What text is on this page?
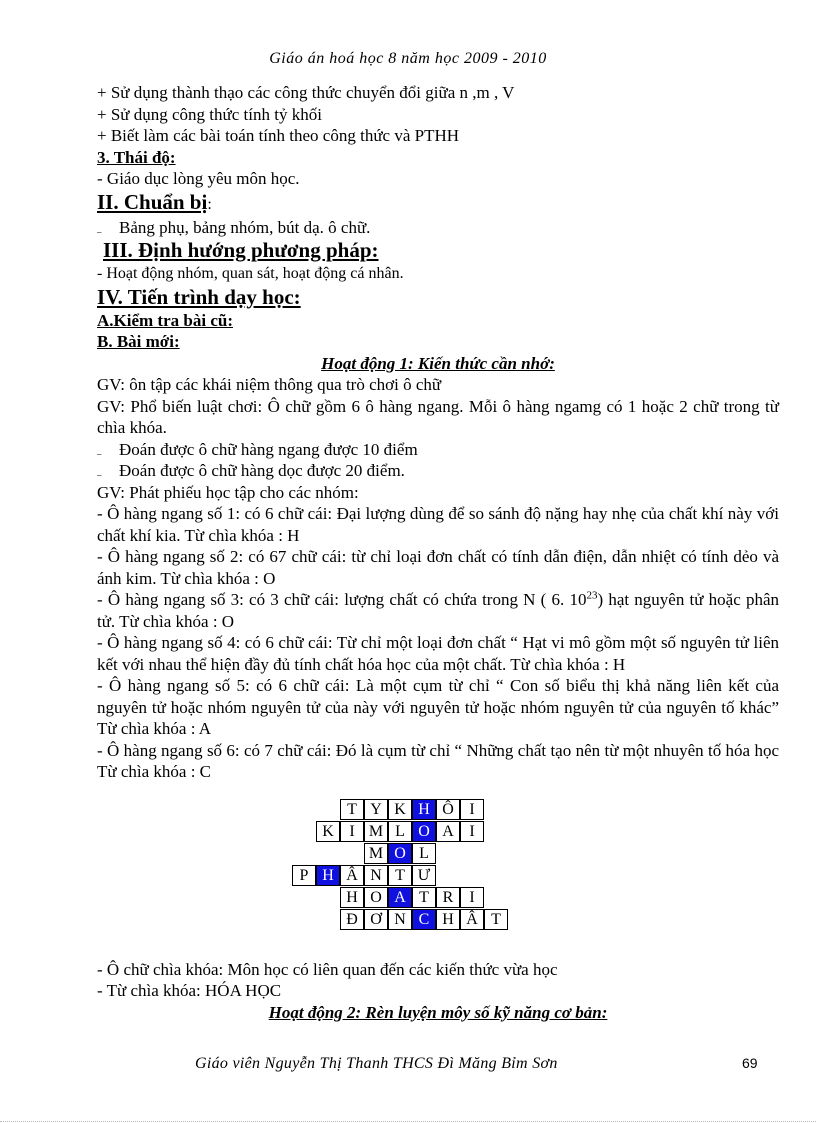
Giáo án hoá học 8 năm học 2009 - 2010

+ Sử dụng thành thạo các công thức chuyển đổi giữa n ,m , V

+ Sử dụng công thức tính tỷ khối

+ Biết làm các bài toán tính theo công thức và PTHH

3. Thái độ:

- Giáo dục lòng yêu môn học.

II. Chuẩn bị:

– Bảng phụ, bảng nhóm, bút dạ. ô chữ.

III. Định hướng phương pháp:

- Hoạt động nhóm, quan sát, hoạt động cá nhân.

IV. Tiến trình dạy học:

A.Kiểm tra bài cũ:

B. Bài mới:

Hoạt động 1: Kiến thức cần nhớ:

GV: ôn tập các khái niệm thông qua trò chơi ô chữ

GV: Phổ biến luật chơi: Ô chữ gồm 6 ô hàng ngang. Mỗi ô hàng ngamg có 1 hoặc 2 chữ trong từ chìa khóa.

– Đoán được ô chữ hàng ngang được 10 điểm

– Đoán được ô chữ hàng dọc được 20 điểm.

GV: Phát phiếu học tập cho các nhóm:

- Ô hàng ngang số 1: có 6 chữ cái: Đại lượng dùng để so sánh độ nặng hay nhẹ của chất khí này với chất khí kia. Từ chìa khóa : H

- Ô hàng ngang số 2: có 67 chữ cái: từ chỉ loại đơn chất có tính dẫn điện, dẫn nhiệt có tính dẻo và ánh kim. Từ chìa khóa : O

- Ô hàng ngang số 3: có 3 chữ cái: lượng chất có chứa trong N ( 6. $10^{23}$) hạt nguyên tử hoặc phân tử. Từ chìa khóa : O

- Ô hàng ngang số 4: có 6 chữ cái: Từ chỉ một loại đơn chất “ Hạt vi mô gồm một số nguyên tử liên kết với nhau thể hiện đầy đủ tính chất hóa học của một chất. Từ chìa khóa : H

- Ô hàng ngang số 5: có 6 chữ cái: Là một cụm từ chỉ “ Con số biểu thị khả năng liên kết của nguyên tử hoặc nhóm nguyên tử của này với nguyên tử hoặc nhóm nguyên tử của nguyên tố khác” Từ chìa khóa : A

- Ô hàng ngang số 6: có 7 chữ cái: Đó là cụm từ chỉ “ Những chất tạo nên từ một nhuyên tố hóa học Từ chìa khóa : C

T Y K H Ô I
K I M L O A I
M O L
P H Â N T Ư
H O A T R	I
Đ Ơ N C H Â T

- Ô chữ chìa khóa: Môn học có liên quan đến các kiến thức vừa học

- Từ chìa khóa: HÓA HỌC

Hoạt động 2: Rèn luyện môy số kỹ năng cơ bản:

Giáo viên Nguyễn Thị Thanh THCS Đì Măng Bỉm Sơn	69
